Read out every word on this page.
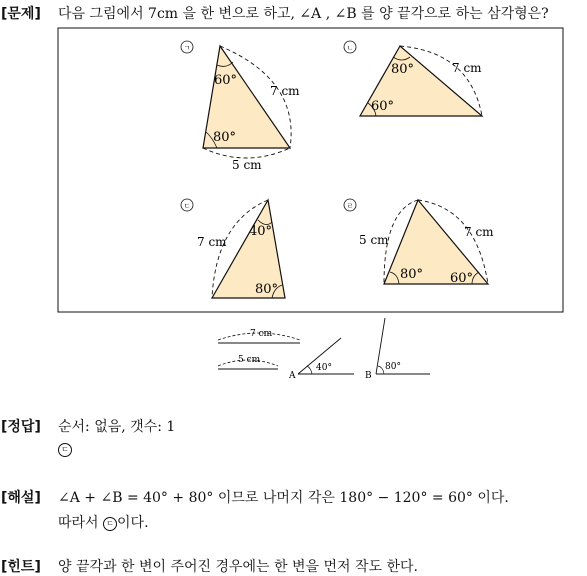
[문제] 다음 그림에서 7cm 을 한 변으로 하고, ∠A , ∠B 를 양 끝각으로 하는 삼각형은?
ㄱ
60°
80°
7 cm
5 cm
ㄴ
80°
60°
7 cm
ㄷ
40°
80°
7 cm
ㄹ
80° 60°
5 cm
7 cm
7 cm
5 cm
A
40°
B
80°
[정답] 순서: 없음, 갯수: 1
ㄷ
[해설] ∠A + ∠B = 40° + 80° 이므로 나머지 각은 180° − 120° = 60° 이다.
따라서 ㄷ 이다.
[힌트] 양 끝각과 한 변이 주어진 경우에는 한 변을 먼저 작도 한다.
